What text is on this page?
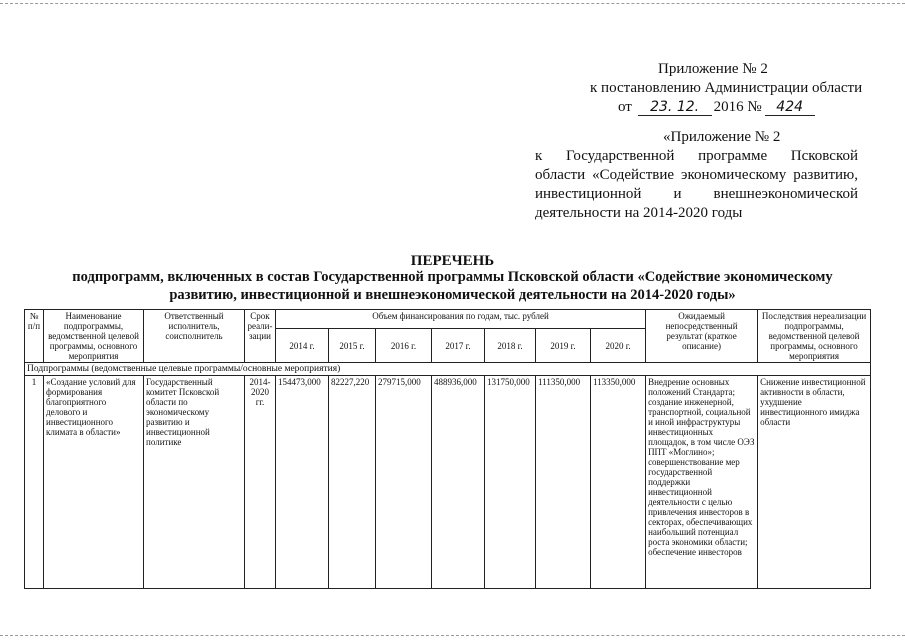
Приложение № 2
к постановлению Администрации области
от 23. 12. 2016 № 424
«Приложение № 2
к Государственной программе Псковской
области «Содействие экономическому развитию,
инвестиционной и внешнеэкономической
деятельности на 2014-2020 годы
ПЕРЕЧЕНЬ
подпрограмм, включенных в состав Государственной программы Псковской области «Содействие экономическому
развитию, инвестиционной и внешнеэкономической деятельности на 2014-2020 годы»
№ п/п	Наименование подпрограммы, ведомственной целевой программы, основного мероприятия	Ответственный исполнитель, соисполнитель	Срок реали-зации	Объем финансирования по годам, тыс. рублей							Ожидаемый непосредственный результат (краткое описание)	Последствия нереализации подпрограммы, ведомственной целевой программы, основного мероприятия
				2014 г.	2015 г.	2016 г.	2017 г.	2018 г.	2019 г.	2020 г.		
Подпрограммы (ведомственные целевые программы/основные мероприятия)												
1	«Создание условий для формирования благоприятного делового и инвестиционного климата в области»	Государственный комитет Псковской области по экономическому развитию и инвестиционной политике	2014-2020 гг.	154473,000	82227,220	279715,000	488936,000	131750,000	111350,000	113350,000	Внедрение основных положений Стандарта; создание инженерной, транспортной, социальной и иной инфраструктуры инвестиционных площадок, в том числе ОЭЗ ППТ «Моглино»; совершенствование мер государственной поддержки инвестиционной деятельности с целью привлечения инвесторов в секторах, обеспечивающих наибольший потенциал роста экономики области; обеспечение инвесторов	Снижение инвестиционной активности в области, ухудшение инвестиционного имиджа области
